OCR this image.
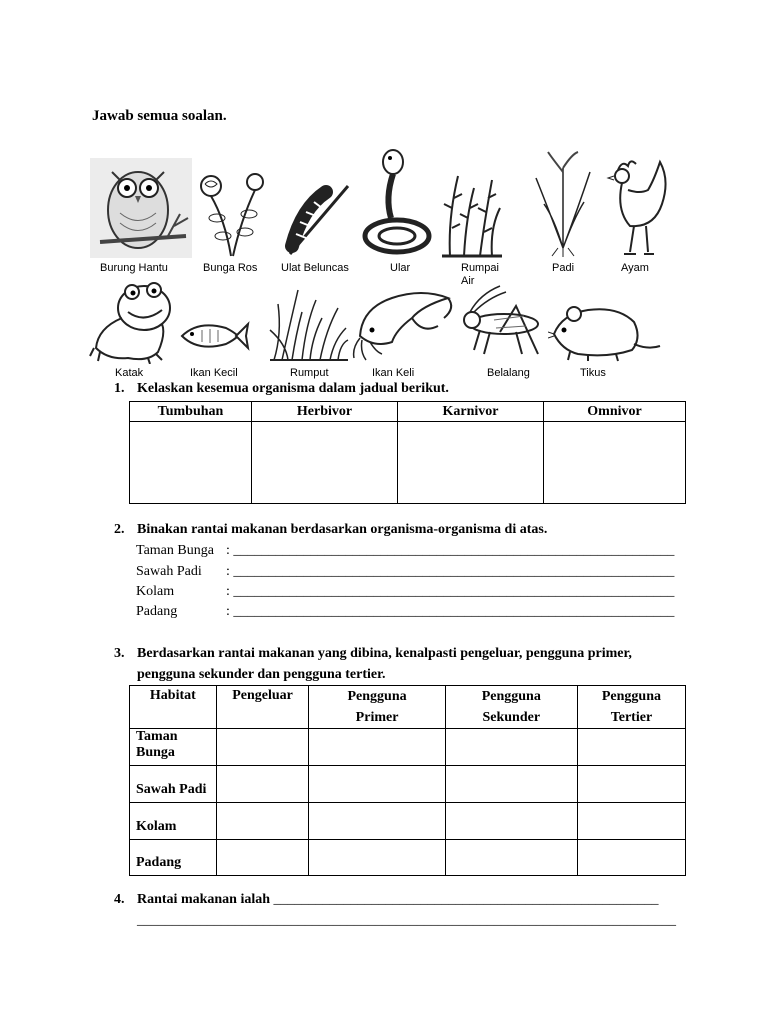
Jawab semua soalan.
Burung Hantu	Bunga Ros Ulat Beluncas	Ular	Rumpai Air
Padi	Ayam
Katak	Ikan Kecil	Rumput	Ikan Keli	Belalang	Tikus
1. Kelaskan kesemua organisma dalam jadual berikut.
Tumbuhan	Herbivor	Karnivor	Omnivor

2. Binakan rantai makanan berdasarkan organisma-organisma di atas.
Taman Bunga : _______________________________________________________________
Sawah Padi : _______________________________________________________________
Kolam	: _______________________________________________________________
Padang	: _______________________________________________________________
3. Berdasarkan rantai makanan yang dibina, kenalpasti pengeluar, pengguna primer,
pengguna sekunder dan pengguna tertier.
Habitat	Pengeluar	Pengguna Primer	Pengguna Sekunder	Pengguna Tertier
Taman Bunga				
Sawah Padi				
Kolam				
Padang				
4. Rantai makanan ialah _______________________________________________________
_____________________________________________________________________________
